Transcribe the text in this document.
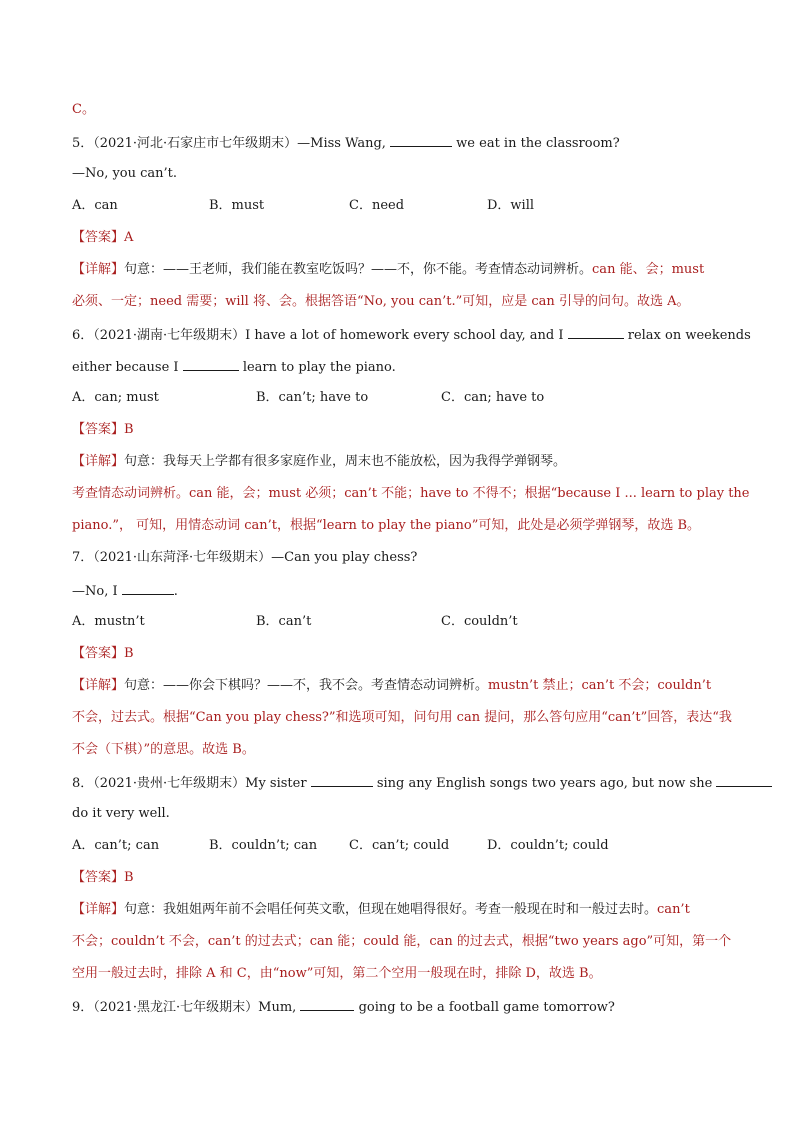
C。
5．（2021·河北·石家庄市七年级期末）—Miss Wang,	we eat in the classroom?
—No, you can’t.
A．can	B．must	C．need	D．will
【答案】A
【详解】句意：——王老师，我们能在教室吃饭吗？——不，你不能。考查情态动词辨析。can 能、会；must
必须、一定；need 需要；will 将、会。根据答语“No, you can’t.”可知，应是 can 引导的问句。故选 A。
6．（2021·湖南·七年级期末）I have a lot of homework every school day, and I	relax on weekends
either because I	learn to play the piano.
A．can; must	B．can’t; have to	C．can; have to
【答案】B
【详解】句意：我每天上学都有很多家庭作业，周末也不能放松，因为我得学弹钢琴。
考查情态动词辨析。can 能，会；must 必须；can’t 不能；have to 不得不；根据“because I ... learn to play the
piano.”， 可知，用情态动词 can’t，根据“learn to play the piano”可知，此处是必须学弹钢琴，故选 B。
7．（2021·山东菏泽·七年级期末）—Can you play chess?
—No, I	.
A．mustn’t	B．can’t	C．couldn’t
【答案】B
【详解】句意：——你会下棋吗？——不，我不会。考查情态动词辨析。mustn’t 禁止；can’t 不会；couldn’t
不会，过去式。根据“Can you play chess?”和选项可知，问句用 can 提问，那么答句应用“can’t”回答，表达“我
不会（下棋）”的意思。故选 B。
8．（2021·贵州·七年级期末）My sister	sing any English songs two years ago, but now she
do it very well.
A．can’t; can	B．couldn’t; can C．can’t; could	D．couldn’t; could
【答案】B
【详解】句意：我姐姐两年前不会唱任何英文歌，但现在她唱得很好。考查一般现在时和一般过去时。can’t
不会；couldn’t 不会，can’t 的过去式；can 能；could 能，can 的过去式，根据“two years ago”可知，第一个
空用一般过去时，排除 A 和 C，由“now”可知，第二个空用一般现在时，排除 D，故选 B。
9．（2021·黑龙江·七年级期末）Mum,	going to be a football game tomorrow?
